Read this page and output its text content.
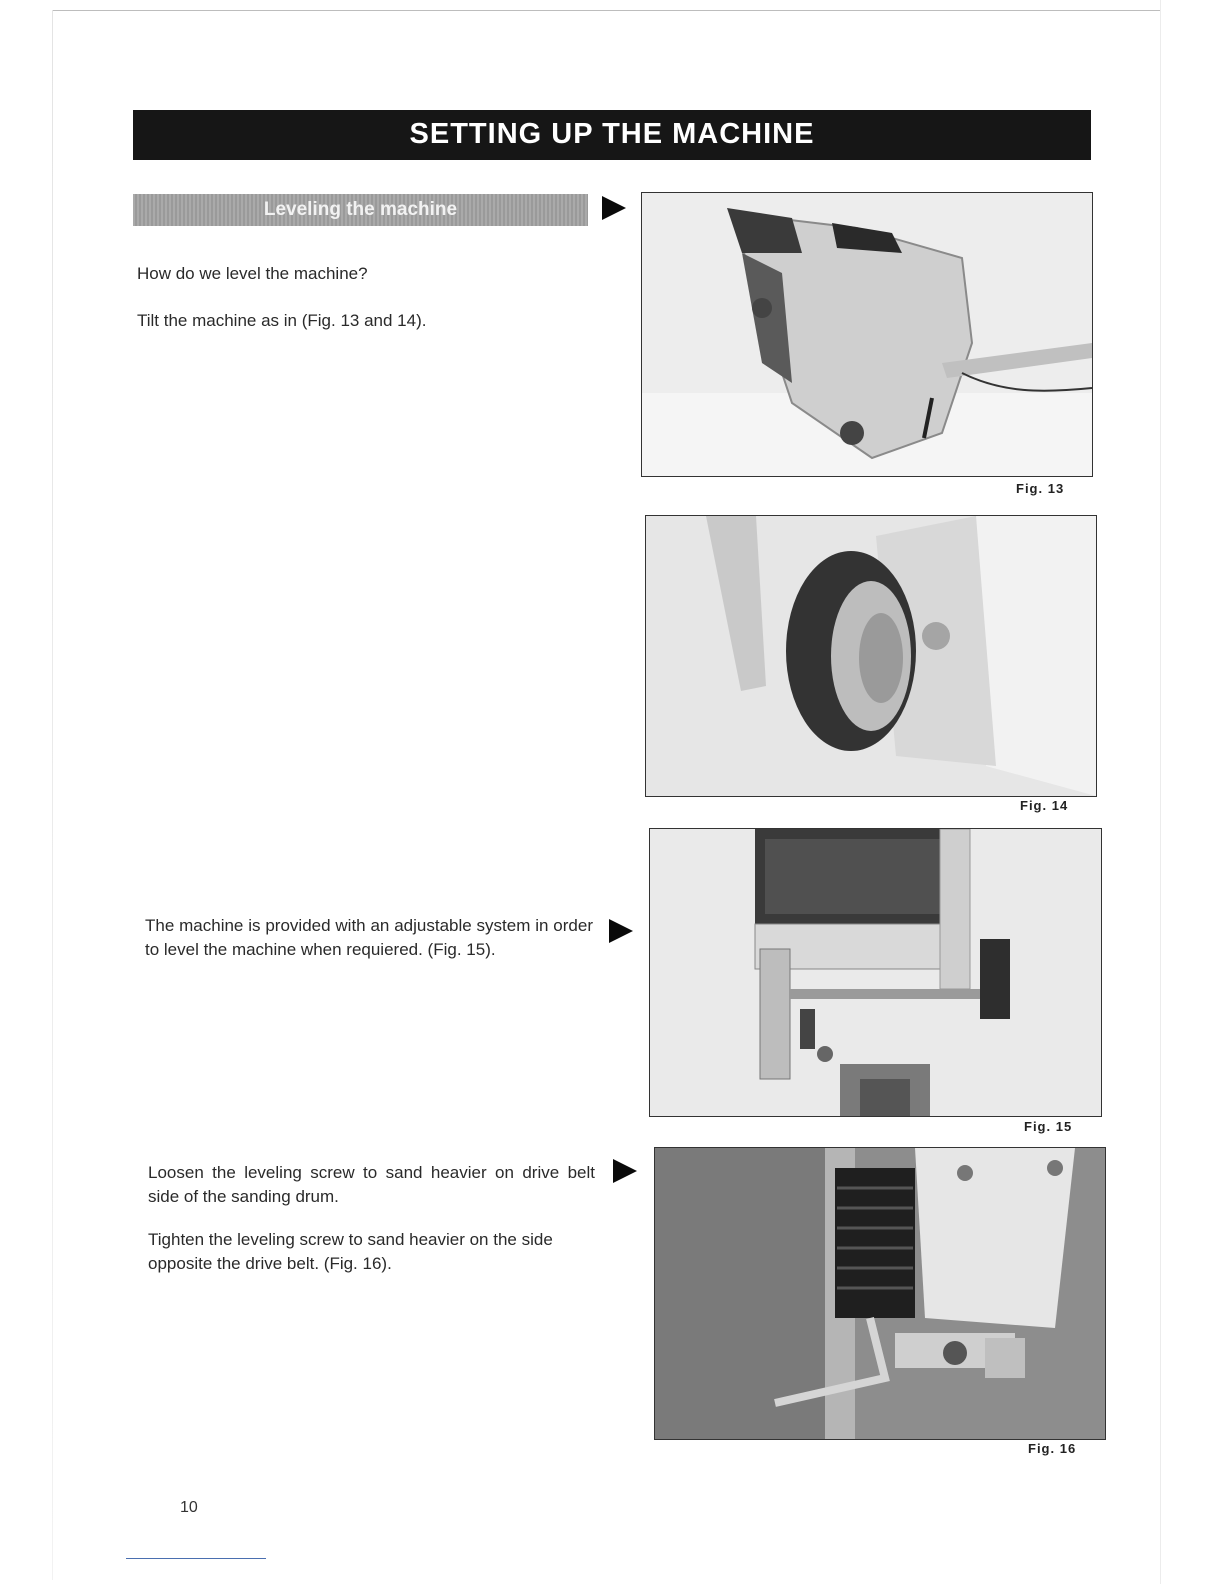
SETTING UP THE MACHINE
Leveling the machine
How do we level the machine?
Tilt the machine as in (Fig. 13 and 14).
Fig. 13
Fig. 14
The machine is provided with an adjustable system in order to level the machine when requiered. (Fig. 15).
Fig. 15
Loosen the leveling screw to sand heavier on drive belt side of the sanding drum.
Tighten the leveling screw to sand heavier on the side opposite the drive belt. (Fig. 16).
Fig. 16
10
